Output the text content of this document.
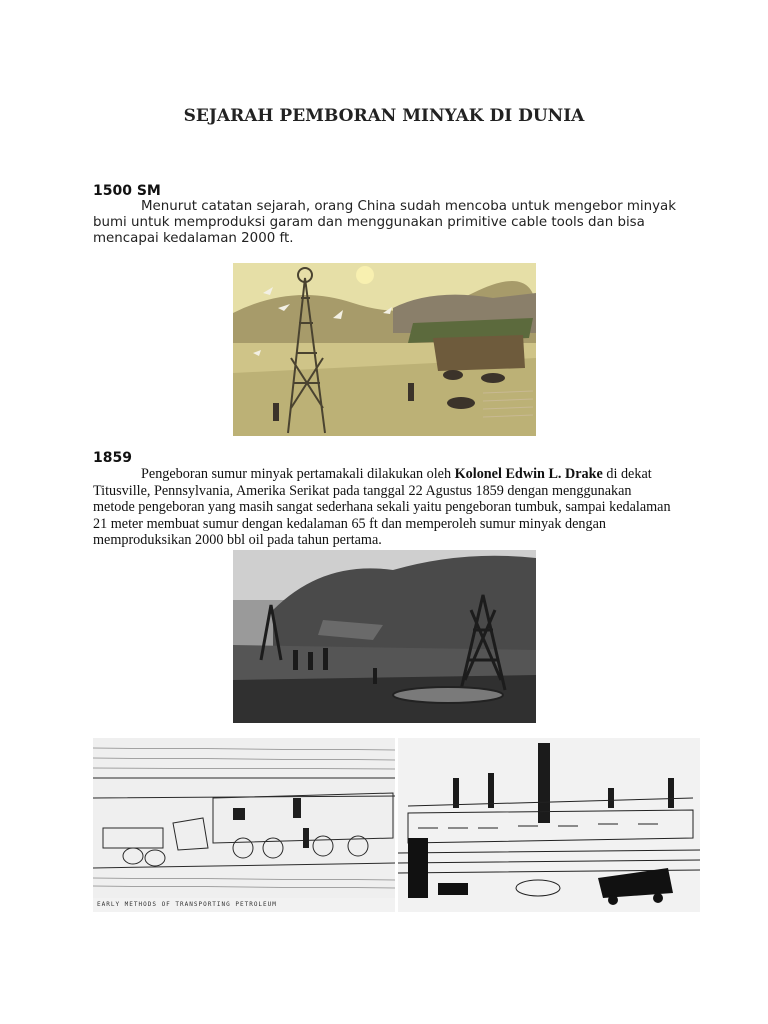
SEJARAH PEMBORAN MINYAK DI DUNIA
1500 SM
Menurut catatan sejarah, orang China sudah mencoba untuk mengebor minyak bumi untuk memproduksi garam dan menggunakan primitive cable tools dan bisa mencapai kedalaman 2000 ft.
1859
Pengeboran sumur minyak pertamakali dilakukan oleh Kolonel Edwin L. Drake di dekat Titusville, Pennsylvania, Amerika Serikat pada tanggal 22 Agustus 1859 dengan menggunakan metode pengeboran yang masih sangat sederhana sekali yaitu pengeboran tumbuk, sampai kedalaman 21 meter membuat sumur dengan kedalaman 65 ft dan memperoleh sumur minyak dengan memproduksikan 2000 bbl oil pada tahun pertama.
EARLY METHODS OF TRANSPORTING PETROLEUM
